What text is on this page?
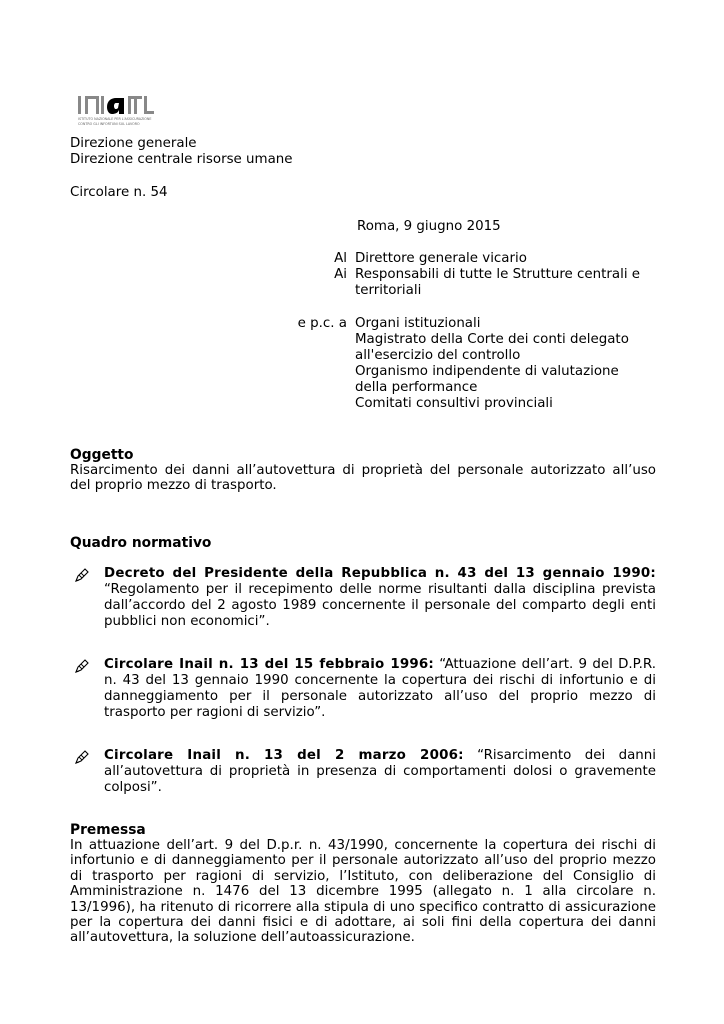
ISTITUTO NAZIONALE PER L'ASSICURAZIONE
CONTRO GLI INFORTUNI SUL LAVORO
Direzione generale
Direzione centrale risorse umane
Circolare n. 54
Roma, 9 giugno 2015
Al Direttore generale vicario
Ai Responsabili di tutte le Strutture centrali e
territoriali
e p.c. a Organi istituzionali
Magistrato della Corte dei conti delegato
all'esercizio del controllo
Organismo indipendente di valutazione
della performance
Comitati consultivi provinciali
Oggetto
Risarcimento dei danni all’autovettura di proprietà del personale autorizzato all’uso del proprio mezzo di trasporto.
Quadro normativo
Decreto del Presidente della Repubblica n. 43 del 13 gennaio 1990: “Regolamento per il recepimento delle norme risultanti dalla disciplina prevista dall’accordo del 2 agosto 1989 concernente il personale del comparto degli enti pubblici non economici”.
Circolare Inail n. 13 del 15 febbraio 1996: “Attuazione dell’art. 9 del D.P.R. n. 43 del 13 gennaio 1990 concernente la copertura dei rischi di infortunio e di danneggiamento per il personale autorizzato all’uso del proprio mezzo di trasporto per ragioni di servizio”.
Circolare Inail n. 13 del 2 marzo 2006: “Risarcimento dei danni all’autovettura di proprietà in presenza di comportamenti dolosi o gravemente colposi”.
Premessa
In attuazione dell’art. 9 del D.p.r. n. 43/1990, concernente la copertura dei rischi di infortunio e di danneggiamento per il personale autorizzato all’uso del proprio mezzo di trasporto per ragioni di servizio, l’Istituto, con deliberazione del Consiglio di Amministrazione n. 1476 del 13 dicembre 1995 (allegato n. 1 alla circolare n. 13/1996), ha ritenuto di ricorrere alla stipula di uno specifico contratto di assicurazione per la copertura dei danni fisici e di adottare, ai soli fini della copertura dei danni all’autovettura, la soluzione dell’autoassicurazione.
